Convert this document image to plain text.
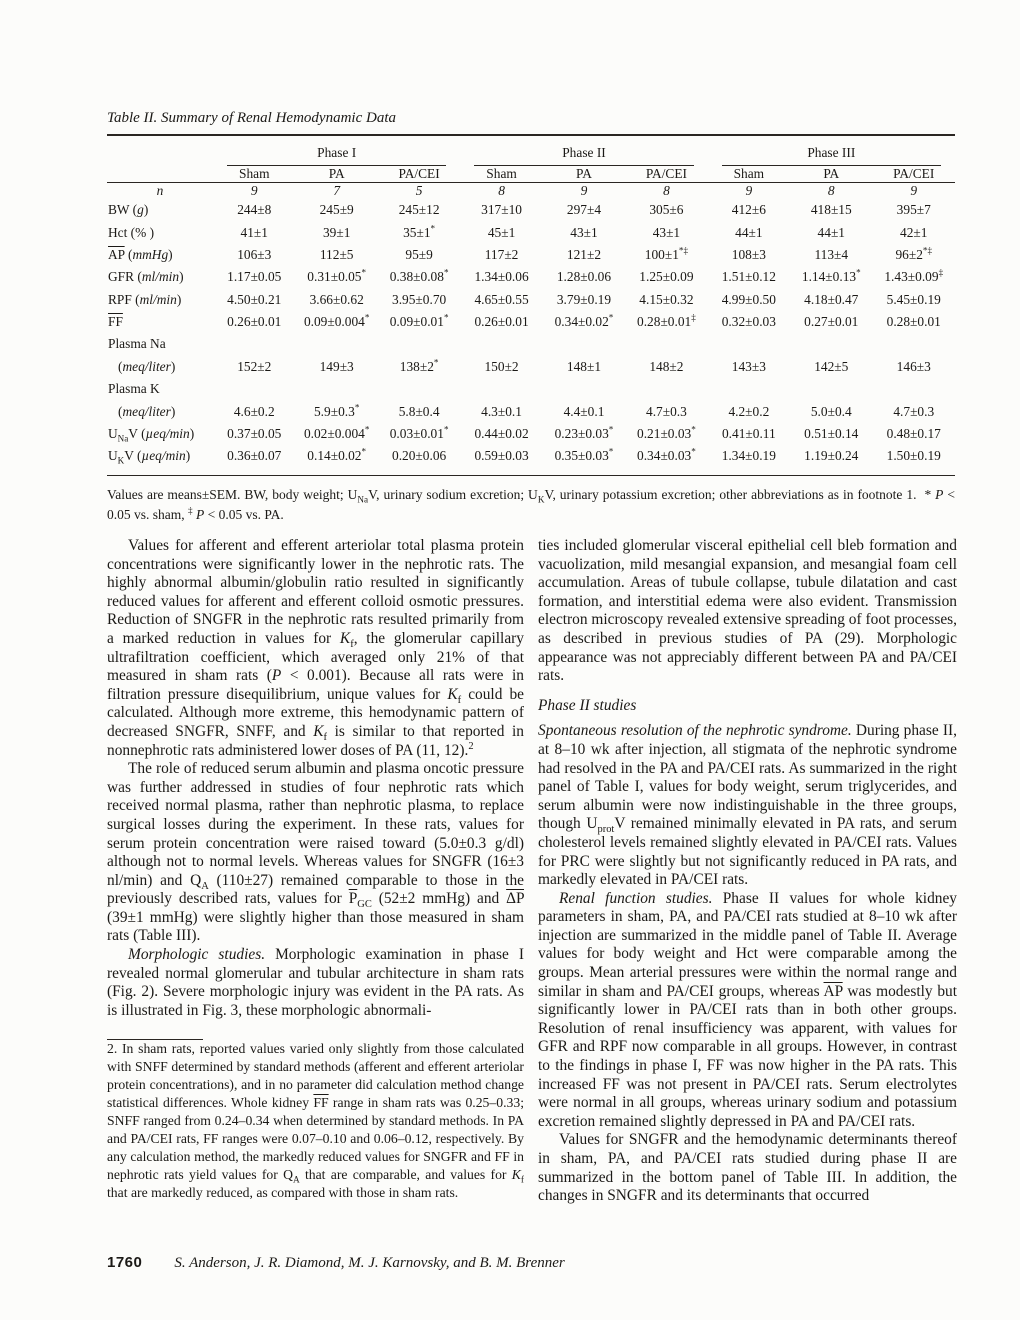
Table II. Summary of Renal Hemodynamic Data

	Phase I			Phase II			Phase III		

	Sham	PA	PA/CEI	Sham	PA	PA/CEI	Sham	PA	PA/CEI

n	9	7	5	8	9	8	9	8	9
BW (g)	244±8	245±9	245±12	317±10	297±4	305±6	412±6	418±15	395±7
Hct (% )	41±1	39±1	35±1*	45±1	43±1	43±1	44±1	44±1	42±1
$\overline{AP}$ (mmHg)	106±3	112±5	95±9	117±2	121±2	100±1*‡	108±3	113±4	96±2*‡
GFR (ml/min)	1.17±0.05	0.31±0.05*	0.38±0.08*	1.34±0.06	1.28±0.06	1.25±0.09	1.51±0.12	1.14±0.13*	1.43±0.09‡
RPF (ml/min)	4.50±0.21	3.66±0.62	3.95±0.70	4.65±0.55	3.79±0.19	4.15±0.32	4.99±0.50	4.18±0.47	5.45±0.19
$\overline{FF}$	0.26±0.01	0.09±0.004*	0.09±0.01*	0.26±0.01	0.34±0.02*	0.28±0.01‡	0.32±0.03	0.27±0.01	0.28±0.01
Plasma Na									
(meq/liter)	152±2	149±3	138±2*	150±2	148±1	148±2	143±3	142±5	146±3
Plasma K									
(meq/liter)	4.6±0.2	5.9±0.3*	5.8±0.4	4.3±0.1	4.4±0.1	4.7±0.3	4.2±0.2	5.0±0.4	4.7±0.3
$U_{Na}V$ (µeq/min)	0.37±0.05	0.02±0.004*	0.03±0.01*	0.44±0.02	0.23±0.03*	0.21±0.03*	0.41±0.11	0.51±0.14	0.48±0.17
$U_KV$ (µeq/min)	0.36±0.07	0.14±0.02*	0.20±0.06	0.59±0.03	0.35±0.03*	0.34±0.03*	1.34±0.19	1.19±0.24	1.50±0.19

Values are means±SEM. BW, body weight; $U_{Na}V$, urinary sodium excretion; $U_KV$, urinary potassium excretion; other abbreviations as in footnote 1.  * P < 0.05 vs. sham, ‡ P < 0.05 vs. PA.

Values for afferent and efferent arteriolar total plasma protein concentrations were significantly lower in the nephrotic rats. The highly abnormal albumin/globulin ratio resulted in significantly reduced values for afferent and efferent colloid osmotic pressures. Reduction of SNGFR in the nephrotic rats resulted primarily from a marked reduction in values for $K_f$, the glomerular capillary ultrafiltration coefficient, which averaged only 21% of that measured in sham rats (P < 0.001). Because all rats were in filtration pressure disequilibrium, unique values for $K_f$ could be calculated. Although more extreme, this hemodynamic pattern of decreased SNGFR, SNFF, and $K_f$ is similar to that reported in nonnephrotic rats administered lower doses of PA (11, 12).$^2$

The role of reduced serum albumin and plasma oncotic pressure was further addressed in studies of four nephrotic rats which received normal plasma, rather than nephrotic plasma, to replace surgical losses during the experiment. In these rats, values for serum protein concentration were raised toward (5.0±0.3 g/dl) although not to normal levels. Whereas values for SNGFR (16±3 nl/min) and $Q_A$ (110±27) remained comparable to those in the previously described rats, values for $\overline{P}_{GC}$ (52±2 mmHg) and $\overline{\Delta P}$ (39±1 mmHg) were slightly higher than those measured in sham rats (Table III).

Morphologic studies. Morphologic examination in phase I revealed normal glomerular and tubular architecture in sham rats (Fig. 2). Severe morphologic injury was evident in the PA rats. As is illustrated in Fig. 3, these morphologic abnormali-

2. In sham rats, reported values varied only slightly from those calculated with SNFF determined by standard methods (afferent and efferent arteriolar protein concentrations), and in no parameter did calculation method change statistical differences. Whole kidney $\overline{FF}$ range in sham rats was 0.25–0.33; SNFF ranged from 0.24–0.34 when determined by standard methods. In PA and PA/CEI rats, FF ranges were 0.07–0.10 and 0.06–0.12, respectively. By any calculation method, the markedly reduced values for SNGFR and FF in nephrotic rats yield values for $Q_A$ that are comparable, and values for $K_f$ that are markedly reduced, as compared with those in sham rats.

ties included glomerular visceral epithelial cell bleb formation and vacuolization, mild mesangial expansion, and mesangial foam cell accumulation. Areas of tubule collapse, tubule dilatation and cast formation, and interstitial edema were also evident. Transmission electron microscopy revealed extensive spreading of foot processes, as described in previous studies of PA (29). Morphologic appearance was not appreciably different between PA and PA/CEI rats.

Phase II studies

Spontaneous resolution of the nephrotic syndrome. During phase II, at 8–10 wk after injection, all stigmata of the nephrotic syndrome had resolved in the PA and PA/CEI rats. As summarized in the right panel of Table I, values for body weight, serum triglycerides, and serum albumin were now indistinguishable in the three groups, though $U_{prot}V$ remained minimally elevated in PA rats, and serum cholesterol levels remained slightly elevated in PA/CEI rats. Values for PRC were slightly but not significantly reduced in PA rats, and markedly elevated in PA/CEI rats.

Renal function studies. Phase II values for whole kidney parameters in sham, PA, and PA/CEI rats studied at 8–10 wk after injection are summarized in the middle panel of Table II. Average values for body weight and Hct were comparable among the groups. Mean arterial pressures were within the normal range and similar in sham and PA/CEI groups, whereas $\overline{AP}$ was modestly but significantly lower in PA/CEI rats than in both other groups. Resolution of renal insufficiency was apparent, with values for GFR and RPF now comparable in all groups. However, in contrast to the findings in phase I, FF was now higher in the PA rats. This increased FF was not present in PA/CEI rats. Serum electrolytes were normal in all groups, whereas urinary sodium and potassium excretion remained slightly depressed in PA and PA/CEI rats.

Values for SNGFR and the hemodynamic determinants thereof in sham, PA, and PA/CEI rats studied during phase II are summarized in the bottom panel of Table III. In addition, the changes in SNGFR and its determinants that occurred

1760 S. Anderson, J. R. Diamond, M. J. Karnovsky, and B. M. Brenner
